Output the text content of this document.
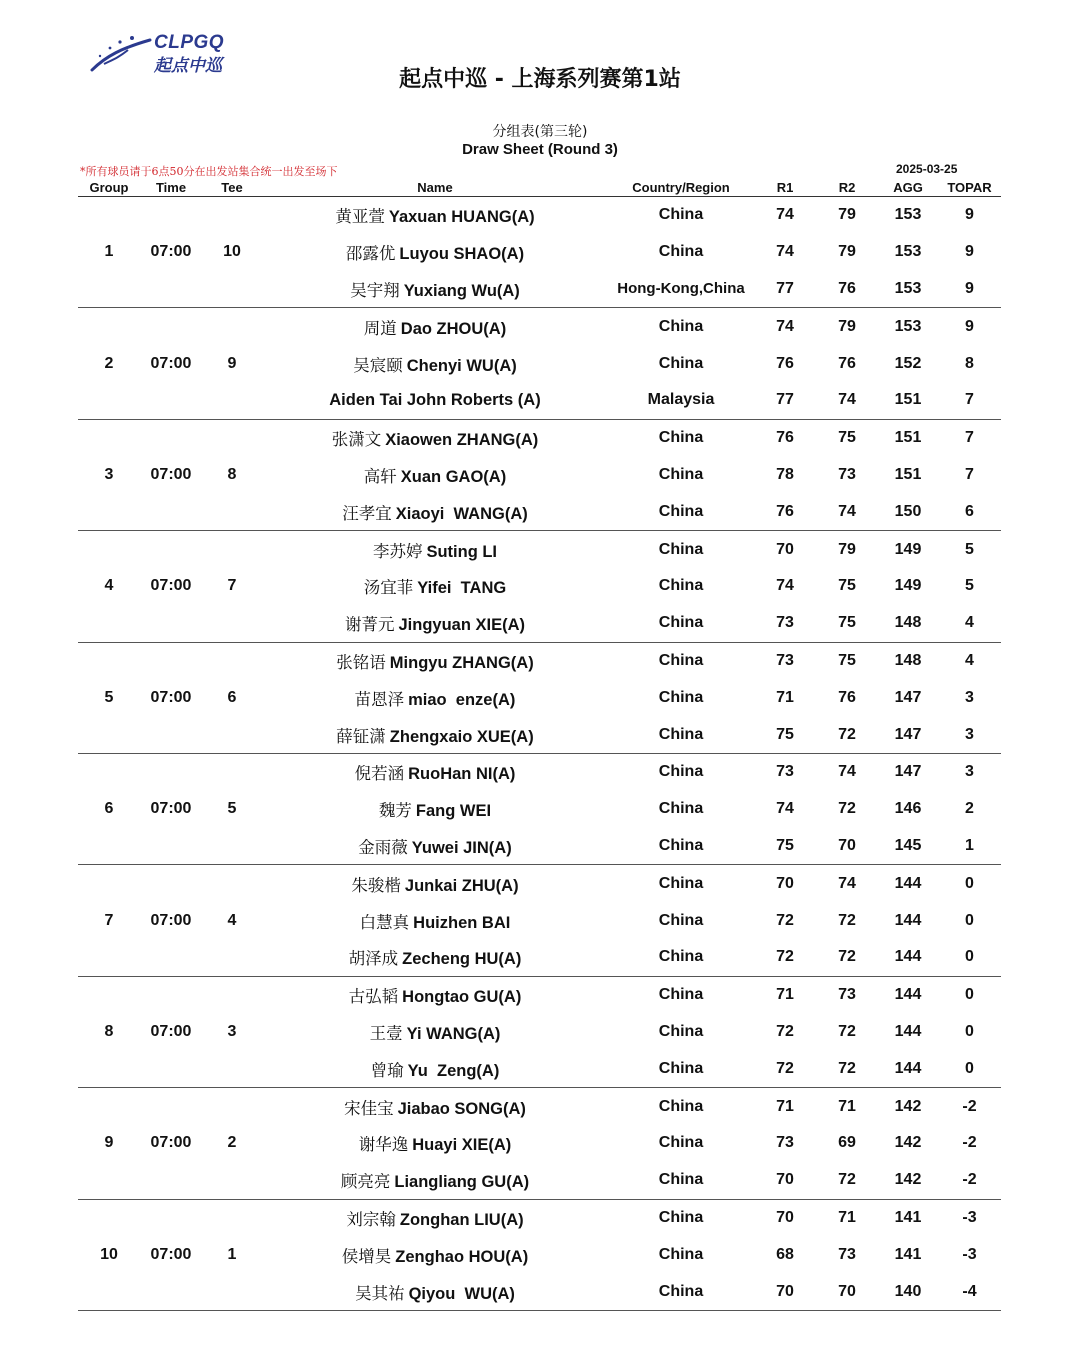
CLPGQ
起点中巡
起点中巡 - 上海系列赛第1站
分组表(第三轮)
Draw Sheet (Round 3)
*所有球员请于6点50分在出发站集合统一出发至场下	2025-03-25
Group	Time	Tee	Name	Country/Region	R1	R2	AGG	TOPAR
1	07:00	10	黄亚萱 Yaxuan HUANG(A)	China	74	79	153	9
			邵露优 Luyou SHAO(A)	China	74	79	153	9
			吴宇翔 Yuxiang Wu(A)	Hong-Kong,China	77	76	153	9
2	07:00	9	周道 Dao ZHOU(A)	China	74	79	153	9
			吴宸颐 Chenyi WU(A)	China	76	76	152	8
			Aiden Tai John Roberts (A)	Malaysia	77	74	151	7
3	07:00	8	张潇文 Xiaowen ZHANG(A)	China	76	75	151	7
			高轩 Xuan GAO(A)	China	78	73	151	7
			汪孝宜 Xiaoyi  WANG(A)	China	76	74	150	6
4	07:00	7	李苏婷 Suting LI	China	70	79	149	5
			汤宜菲 Yifei  TANG	China	74	75	149	5
			谢菁元 Jingyuan XIE(A)	China	73	75	148	4
5	07:00	6	张铭语 Mingyu ZHANG(A)	China	73	75	148	4
			苗恩泽 miao  enze(A)	China	71	76	147	3
			薛钲潇 Zhengxaio XUE(A)	China	75	72	147	3
6	07:00	5	倪若涵 RuoHan NI(A)	China	73	74	147	3
			魏芳 Fang WEI	China	74	72	146	2
			金雨薇 Yuwei JIN(A)	China	75	70	145	1
7	07:00	4	朱骏楷 Junkai ZHU(A)	China	70	74	144	0
			白慧真 Huizhen BAI	China	72	72	144	0
			胡泽成 Zecheng HU(A)	China	72	72	144	0
8	07:00	3	古弘韬 Hongtao GU(A)	China	71	73	144	0
			王壹 Yi WANG(A)	China	72	72	144	0
			曾瑜 Yu  Zeng(A)	China	72	72	144	0
9	07:00	2	宋佳宝 Jiabao SONG(A)	China	71	71	142	-2
			谢华逸 Huayi XIE(A)	China	73	69	142	-2
			顾亮亮 Liangliang GU(A)	China	70	72	142	-2
10	07:00	1	刘宗翰 Zonghan LIU(A)	China	70	71	141	-3
			侯增昊 Zenghao HOU(A)	China	68	73	141	-3
			吴其祐 Qiyou  WU(A)	China	70	70	140	-4
